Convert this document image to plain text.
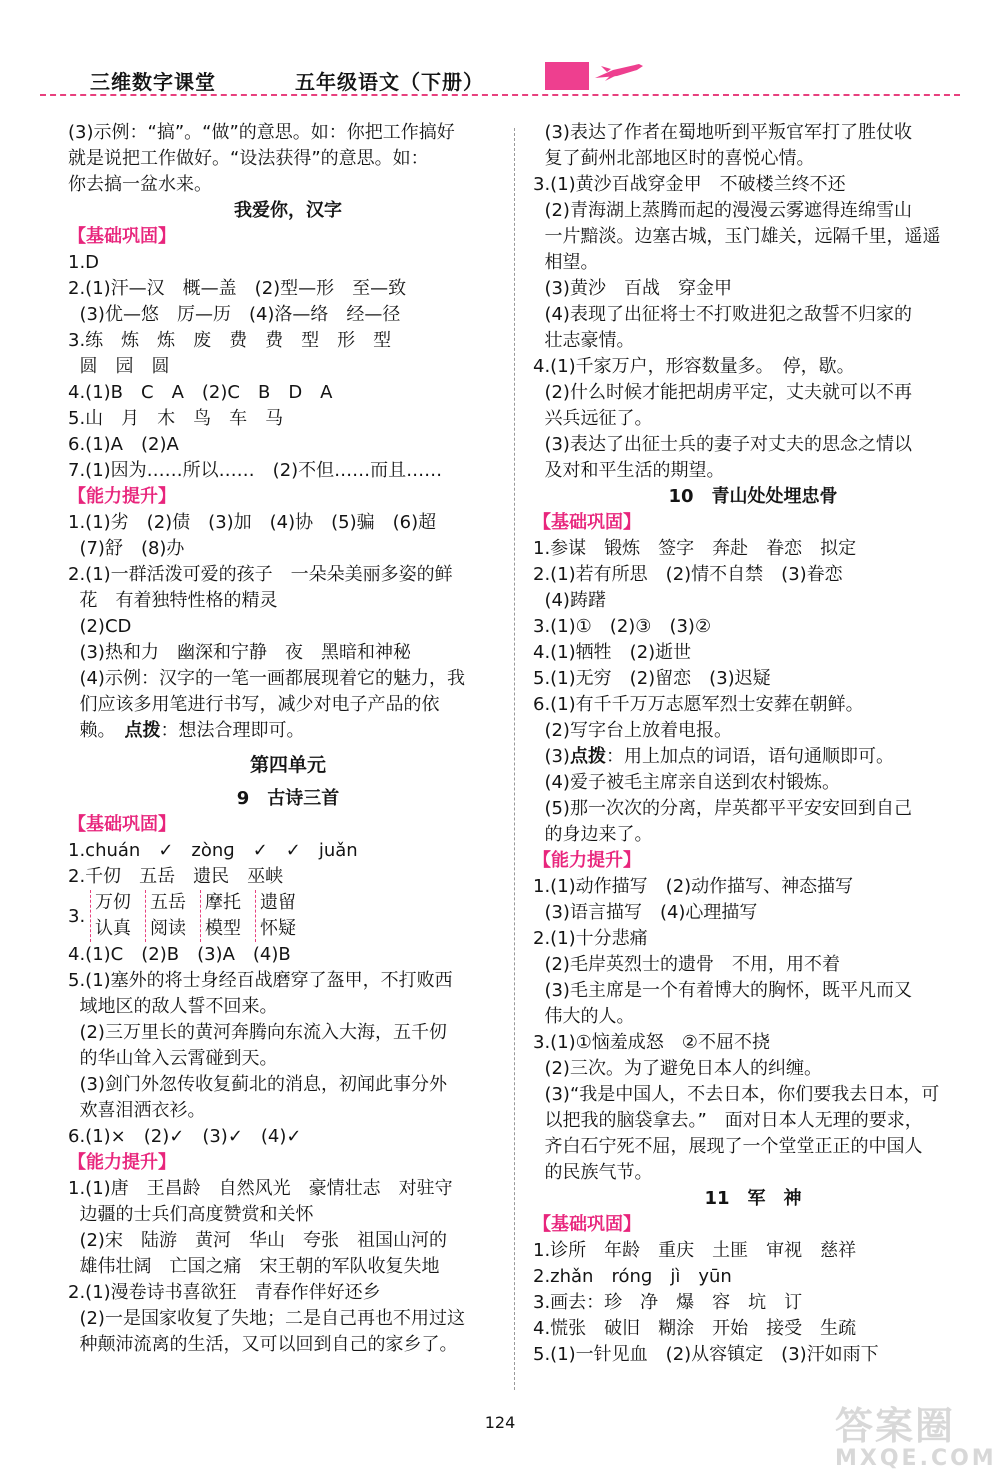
三维数字课堂	五年级语文（下册）

(3)示例：“搞”。“做”的意思。如：你把工作搞好

就是说把工作做好。“设法获得”的意思。如：

你去搞一盆水来。

我爱你，汉字

【基础巩固】

1.D

2.(1)汗—汉　概—盖　(2)型—形　至—致

(3)优—悠　厉—历　(4)洛—络　经—径

3.练　炼　炼　废　费　费　型　形　型

圆　园　圆

4.(1)B　C　A　(2)C　B　D　A

5.山　月　木　鸟　车　马

6.(1)A　(2)A

7.(1)因为……所以……　(2)不但……而且……

【能力提升】

1.(1)劣　(2)债　(3)加　(4)协　(5)骗　(6)超

(7)舒　(8)办

2.(1)一群活泼可爱的孩子　一朵朵美丽多姿的鲜

花　有着独特性格的精灵

(2)CD

(3)热和力　幽深和宁静　夜　黑暗和神秘

(4)示例：汉字的一笔一画都展现着它的魅力，我

们应该多用笔进行书写，减少对电子产品的依

赖。　点拨：想法合理即可。

第四单元

9　古诗三首

【基础巩固】

1.chuán　✓　zònɡ　✓　✓　juǎn

2.千仞　五岳　遗民　巫峡

3.
万仞
认真
五岳
阅读
摩托
模型
遗留
怀疑

4.(1)C　(2)B　(3)A　(4)B

5.(1)塞外的将士身经百战磨穿了盔甲，不打败西

域地区的敌人誓不回来。

(2)三万里长的黄河奔腾向东流入大海，五千仞

的华山耸入云霄碰到天。

(3)剑门外忽传收复蓟北的消息，初闻此事分外

欢喜泪洒衣衫。

6.(1)×　(2)✓　(3)✓　(4)✓

【能力提升】

1.(1)唐　王昌龄　自然风光　豪情壮志　对驻守

边疆的士兵们高度赞赏和关怀

(2)宋　陆游　黄河　华山　夸张　祖国山河的

雄伟壮阔　亡国之痛　宋王朝的军队收复失地

2.(1)漫卷诗书喜欲狂　青春作伴好还乡

(2)一是国家收复了失地；二是自己再也不用过这

种颠沛流离的生活，又可以回到自己的家乡了。

(3)表达了作者在蜀地听到平叛官军打了胜仗收

复了蓟州北部地区时的喜悦心情。

3.(1)黄沙百战穿金甲　不破楼兰终不还

(2)青海湖上蒸腾而起的漫漫云雾遮得连绵雪山

一片黯淡。边塞古城，玉门雄关，远隔千里，遥遥

相望。

(3)黄沙　百战　穿金甲

(4)表现了出征将士不打败进犯之敌誓不归家的

壮志豪情。

4.(1)千家万户，形容数量多。　停，歇。

(2)什么时候才能把胡虏平定，丈夫就可以不再

兴兵远征了。

(3)表达了出征士兵的妻子对丈夫的思念之情以

及对和平生活的期望。

10　青山处处埋忠骨

【基础巩固】

1.参谋　锻炼　签字　奔赴　眷恋　拟定

2.(1)若有所思　(2)情不自禁　(3)眷恋

(4)踌躇

3.(1)①　(2)③　(3)②

4.(1)牺牲　(2)逝世

5.(1)无穷　(2)留恋　(3)迟疑

6.(1)有千千万万志愿军烈士安葬在朝鲜。

(2)写字台上放着电报。

(3)点拨：用上加点的词语，语句通顺即可。

(4)爱子被毛主席亲自送到农村锻炼。

(5)那一次次的分离，岸英都平平安安回到自己

的身边来了。

【能力提升】

1.(1)动作描写　(2)动作描写、神态描写

(3)语言描写　(4)心理描写

2.(1)十分悲痛

(2)毛岸英烈士的遗骨　不用，用不着

(3)毛主席是一个有着博大的胸怀，既平凡而又

伟大的人。

3.(1)①恼羞成怒　②不屈不挠

(2)三次。为了避免日本人的纠缠。

(3)“我是中国人，不去日本，你们要我去日本，可

以把我的脑袋拿去。”　面对日本人无理的要求，

齐白石宁死不屈，展现了一个堂堂正正的中国人

的民族气节。

11　军　神

【基础巩固】

1.诊所　年龄　重庆　土匪　审视　慈祥

2.zhǎn　rónɡ　jì　yūn

3.画去：珍　净　爆　容　坑　订

4.慌张　破旧　糊涂　开始　接受　生疏

5.(1)一针见血　(2)从容镇定　(3)汗如雨下

124	答案圈
MXQE.COM
